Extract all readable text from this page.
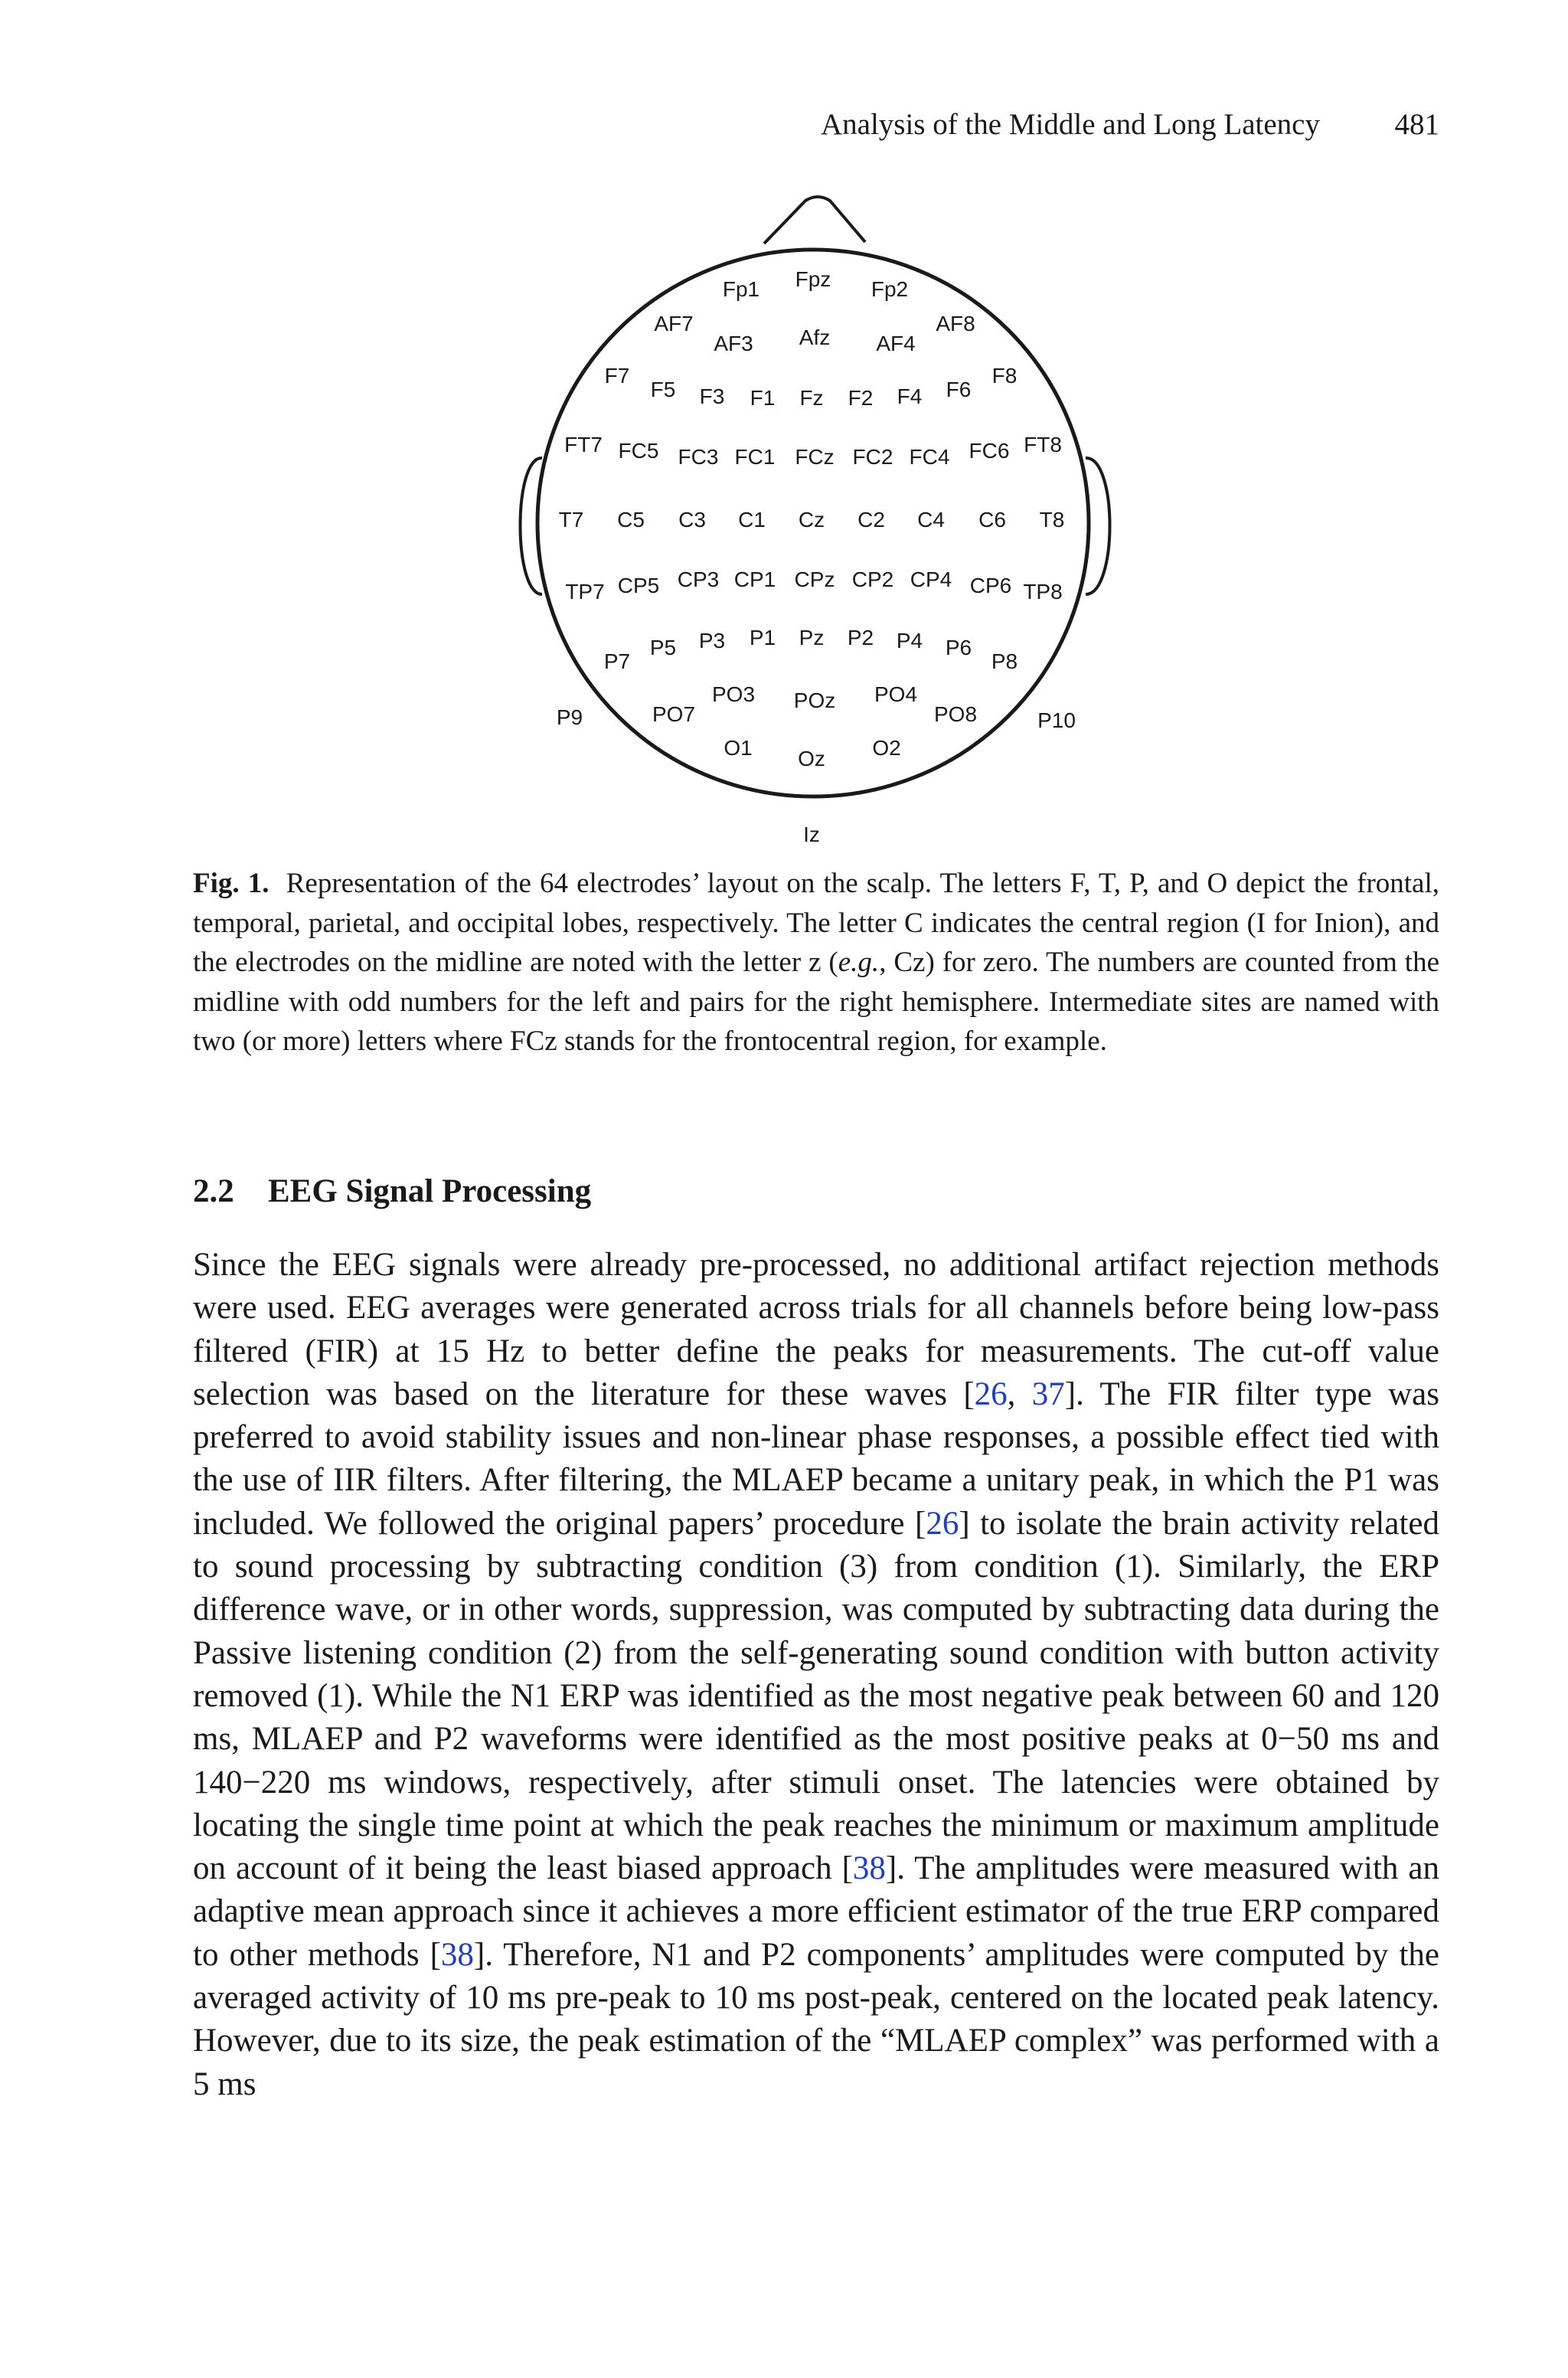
Analysis of the Middle and Long Latency	481
Fp1 Fpz Fp2
AF7
AF3 Afz AF4
AF8
F7
F5 F3 F1 Fz F2 F4 F6
F8
FT7 FC5 FC3 FC1 FCz FC2 FC4 FC6 FT8
T7 C5 C3 C1 Cz C2 C4 C6 T8
TP7 CP5 CP3 CP1 CPz CP2 CP4 CP6 TP8
P7
P5 P3 P1 Pz P2 P4 P6
P8
P9	PO7
PO3 POz PO4
PO8	P10
O1 Oz O2
Iz
Fig. 1. Representation of the 64 electrodes’ layout on the scalp. The letters F, T, P, and O depict the frontal, temporal, parietal, and occipital lobes, respectively. The letter C indicates the central region (I for Inion), and the electrodes on the midline are noted with the letter z (e.g., Cz) for zero. The numbers are counted from the midline with odd numbers for the left and pairs for the right hemisphere. Intermediate sites are named with two (or more) letters where FCz stands for the frontocentral region, for example.
2.2 EEG Signal Processing

Since the EEG signals were already pre-processed, no additional artifact rejection methods were used. EEG averages were generated across trials for all channels before being low-pass filtered (FIR) at 15 Hz to better define the peaks for measurements. The cut-off value selection was based on the literature for these waves [26, 37]. The FIR filter type was preferred to avoid stability issues and non-linear phase responses, a possible effect tied with the use of IIR filters. After filtering, the MLAEP became a unitary peak, in which the P1 was included. We followed the original papers’ procedure [26] to isolate the brain activity related to sound processing by subtracting condition (3) from condition (1). Similarly, the ERP difference wave, or in other words, suppression, was computed by subtracting data during the Passive listening condition (2) from the self-generating sound condition with button activity removed (1). While the N1 ERP was identified as the most negative peak between 60 and 120 ms, MLAEP and P2 waveforms were identified as the most positive peaks at 0−50 ms and 140−220 ms windows, respectively, after stimuli onset. The latencies were obtained by locating the single time point at which the peak reaches the minimum or maximum amplitude on account of it being the least biased approach [38]. The amplitudes were measured with an adaptive mean approach since it achieves a more efficient estimator of the true ERP compared to other methods [38]. Therefore, N1 and P2 components’ amplitudes were computed by the averaged activity of 10 ms pre-peak to 10 ms post-peak, centered on the located peak latency. However, due to its size, the peak estimation of the “MLAEP complex” was performed with a 5 ms
